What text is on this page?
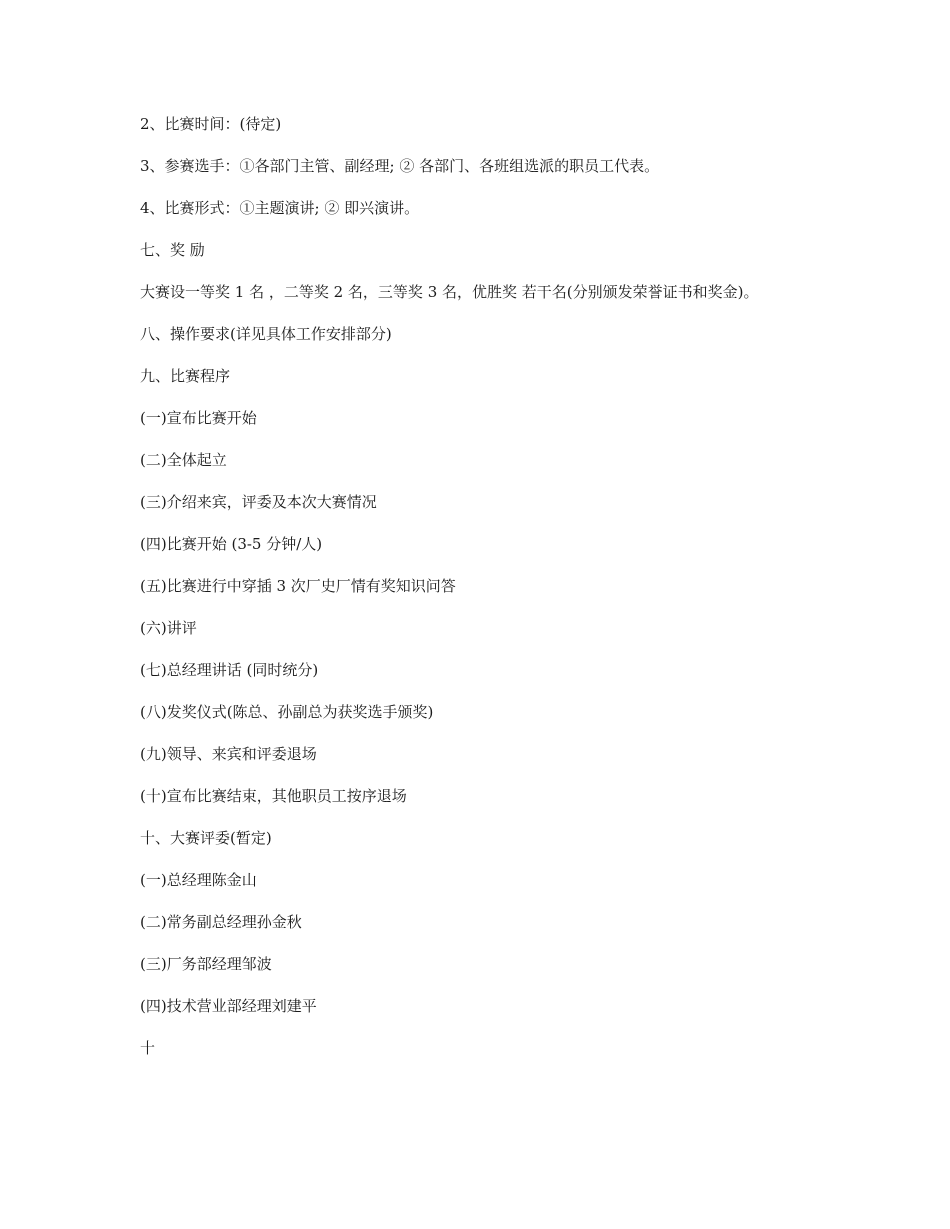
2、比赛时间：(待定)

3、参赛选手：①各部门主管、副经理; ② 各部门、各班组选派的职员工代表。

4、比赛形式：①主题演讲; ② 即兴演讲。

七、奖 励

大赛设一等奖 1 名 ，二等奖 2 名，三等奖 3 名，优胜奖 若干名(分别颁发荣誉证书和奖金)。

八、操作要求(详见具体工作安排部分)

九、比赛程序

(一)宣布比赛开始

(二)全体起立

(三)介绍来宾，评委及本次大赛情况

(四)比赛开始 (3-5 分钟/人)

(五)比赛进行中穿插 3 次厂史厂情有奖知识问答

(六)讲评

(七)总经理讲话 (同时统分)

(八)发奖仪式(陈总、孙副总为获奖选手颁奖)

(九)领导、来宾和评委退场

(十)宣布比赛结束，其他职员工按序退场

十、大赛评委(暂定)

(一)总经理陈金山

(二)常务副总经理孙金秋

(三)厂务部经理邹波

(四)技术营业部经理刘建平

十
